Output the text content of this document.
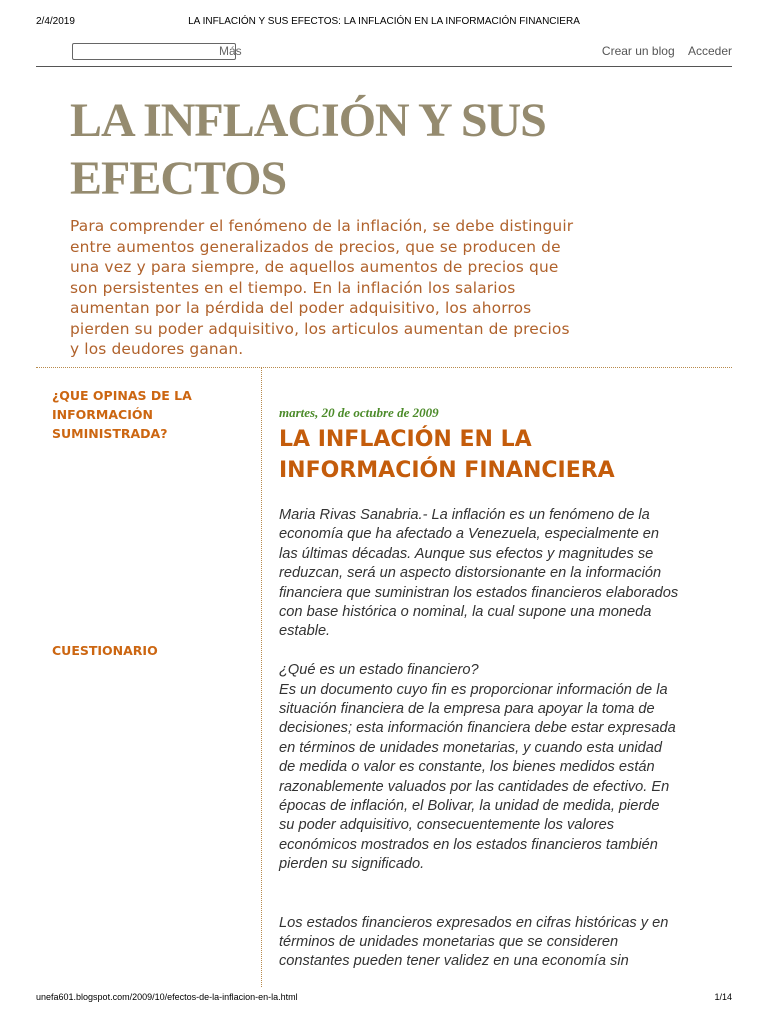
2/4/2019	LA INFLACIÓN Y SUS EFECTOS: LA INFLACIÓN EN LA INFORMACIÓN FINANCIERA
Más	Crear un blog Acceder
LA INFLACIÓN Y SUS
EFECTOS
Para comprender el fenómeno de la inflación, se debe distinguir
entre aumentos generalizados de precios, que se producen de
una vez y para siempre, de aquellos aumentos de precios que
son persistentes en el tiempo. En la inflación los salarios
aumentan por la pérdida del poder adquisitivo, los ahorros
pierden su poder adquisitivo, los articulos aumentan de precios
y los deudores ganan.
¿QUE OPINAS DE LA
INFORMACIÓN
SUMINISTRADA?
CUESTIONARIO
martes, 20 de octubre de 2009
LA INFLACIÓN EN LA
INFORMACIÓN FINANCIERA

Maria Rivas Sanabria.- La inflación es un fenómeno de la

economía que ha afectado a Venezuela, especialmente en

las últimas décadas. Aunque sus efectos y magnitudes se

reduzcan, será un aspecto distorsionante en la información

financiera que suministran los estados financieros elaborados

con base histórica o nominal, la cual supone una moneda

estable.

¿Qué es un estado financiero?

Es un documento cuyo fin es proporcionar información de la

situación financiera de la empresa para apoyar la toma de

decisiones; esta información financiera debe estar expresada

en términos de unidades monetarias, y cuando esta unidad

de medida o valor es constante, los bienes medidos están

razonablemente valuados por las cantidades de efectivo. En

épocas de inflación, el Bolivar, la unidad de medida, pierde

su poder adquisitivo, consecuentemente los valores

económicos mostrados en los estados financieros también

pierden su significado.

Los estados financieros expresados en cifras históricas y en

términos de unidades monetarias que se consideren

constantes pueden tener validez en una economía sin

unefa601.blogspot.com/2009/10/efectos-de-la-inflacion-en-la.html	1/14
